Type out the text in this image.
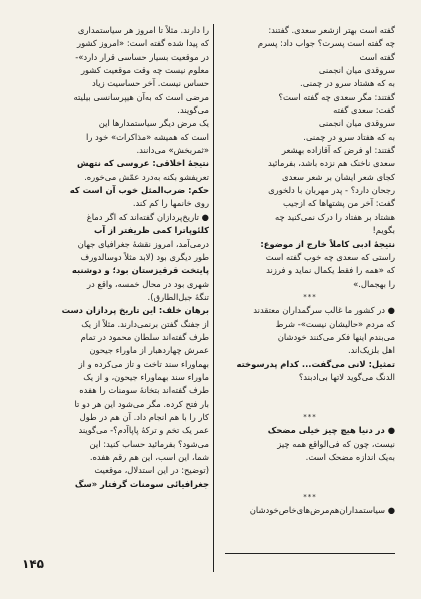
گفته است بهتر ازشعر سعدی. گفتند:
چه گفته است پسرت؟ جواب داد: پسرم
گفته است
سروقدی میان انجمنی
به که هشتاد سرو در چمنی.
گفتند: مگر سعدی چه گفته است؟
گفت: سعدی گفته
سروقدی میان انجمنی
به که هفتاد سرو در چمنی.
گفتند: او فرض که آقازاده بهشعر
سعدی ناخنک هم نزده باشد، بفرمائید
کجای شعر ایشان بر شعر سعدی
رجحان دارد؟ - پدر مهربان با دلخوری
گفت: آخر من پشتهاها که ازجیب
هشتاد بر هفتاد را درک نمی‌کنید چه
بگویم!
نتیجهٔ ادبی کاملاً خارج از موضوع:
راستی که سعدی چه خوب گفته است
که «همه را فقط یکمال نماید و فرزند
را بهجمال.»
***
● در کشور ما غالب سرگمداران معتقدند
که مردم «حالیشان نیست»- شرط
می‌بندم اینها فکر می‌کنند خودشان
اهل بلزیک‌اند.
تمثیل: لانی می‌گفت... کدام پدرسوخته
الدنگ می‌گوید لاتها بی‌ادبند؟
***
● در دنیا هیچ چیز خیلی مضحک
نیست، چون که فی‌الواقع همه چیز
به‌یک اندازه مضحک است.
***
● سیاستمداران‌هم‌مرض‌های‌خاص‌خودشان
را دارند. مثلاً تا امروز هر سیاستمداری
که پیدا شده گفته است: «امروز کشور
در موقعیت بسیار حساسی قرار دارد»-
معلوم نیست چه وقت موقعیت کشور
حساس نیست. آخر حساسیت زیاد
مرضی است که به‌آن هیپرسانسی بیلیته
می‌گویند.
یک مرض دیگر سیاستمدارها این
است که همیشه «مذاکرات» خود را
«ثمربخش» می‌دانند.
نتیجهٔ اخلاقی: عروسی که نتهش
تعریفشو بکنه به‌درد عمّش می‌خوره.
حکم: ضرب‌المثل خوب آن است که
روی خانمها را کم کند.
● تاریخ‌پردازان گفته‌اند که اگر دماغ
کلئوپاترا کمی ظریفتر از آب
درمی‌آمد، امروز نقشهٔ جغرافیای جهان
طور دیگری بود (لابد مثلاً دوسالدورف
پایتخت قرقیزستان بود؛ و دوشنبه
شهری بود در محال خمسه، واقع در
تنگهٔ جبل‌الطارق).
برهان خلف: این تاریخ پردازان دست
از جفنگ گفتن برنمی‌دارند. مثلاً از یک
طرف گفته‌اند سلطان محمود در تمام
عمرش چهاردهبار از ماوراء جیحون
بهماوراء سند تاخت و تاز می‌کرده و از
ماوراء سند بهماوراء جیحون، و از یک
طرف گفته‌اند بتخانهٔ سومنات را هفده
بار فتح کرده. مگر می‌شود این هر دو تا
کار را با هم انجام داد. آن هم در طول
عمر یک تخم و ترکهٔ پاپاآدم؟- می‌گویند
می‌شود؟ بفرمائید حساب کنید: این
شما، این اسب، این هم رقم هفده.
(توضیح: در این استدلال، موقعیت
جغرافیائی سومنات گرفتار «سگ
۱۴۵
